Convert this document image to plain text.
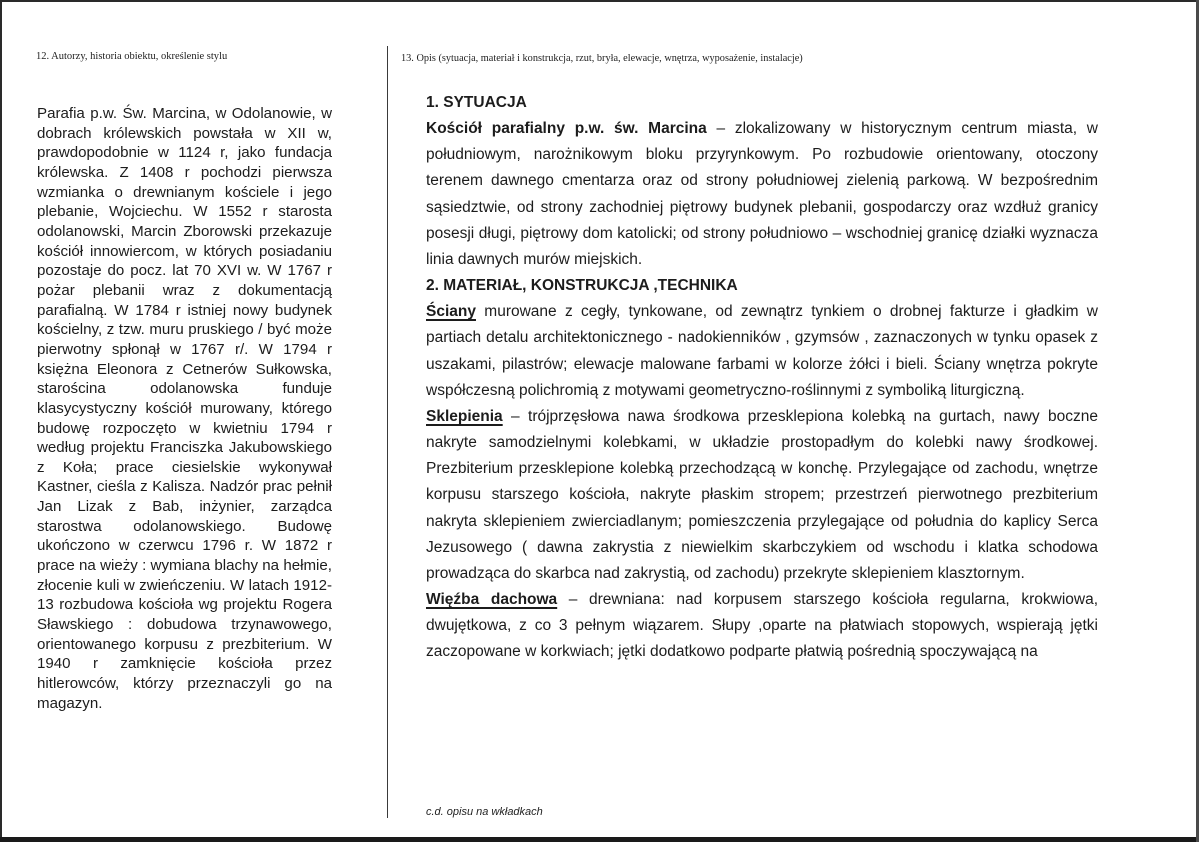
12. Autorzy, historia obiektu, określenie stylu	13. Opis (sytuacja, materiał i konstrukcja, rzut, bryła, elewacje, wnętrza, wyposażenie, instalacje)

Parafia p.w. Św. Marcina, w Odolanowie, w dobrach królewskich powstała w XII w, prawdopodobnie w 1124 r, jako fundacja królewska. Z 1408 r pochodzi pierwsza wzmianka o drewnianym kościele i jego plebanie, Wojciechu. W 1552 r starosta odolanowski, Marcin Zborowski przekazuje kościół innowiercom, w których posiadaniu pozostaje do pocz. lat 70 XVI w. W 1767 r pożar plebanii wraz z dokumentacją parafialną. W 1784 r istniej nowy budynek kościelny, z tzw. muru pruskiego / być może pierwotny spłonął w 1767 r/. W 1794 r księżna Eleonora z Cetnerów Sułkowska, starościna odolanowska funduje klasycystyczny kościół murowany, którego budowę rozpoczęto w kwietniu 1794 r według projektu Franciszka Jakubowskiego z Koła; prace ciesielskie wykonywał Kastner, cieśla z Kalisza. Nadzór prac pełnił Jan Lizak z Bab, inżynier, zarządca starostwa odolanowskiego. Budowę ukończono w czerwcu 1796 r. W 1872 r prace na wieży : wymiana blachy na hełmie, złocenie kuli w zwieńczeniu. W latach 1912-13 rozbudowa kościoła wg projektu Rogera Sławskiego : dobudowa trzynawowego, orientowanego korpusu z prezbiterium. W 1940 r zamknięcie kościoła przez hitlerowców, którzy przeznaczyli go na magazyn.

1. SYTUACJA

Kościół parafialny p.w. św. Marcina – zlokalizowany w historycznym centrum miasta, w południowym, narożnikowym bloku przyrynkowym. Po rozbudowie orientowany, otoczony terenem dawnego cmentarza oraz od strony południowej zielenią parkową. W bezpośrednim sąsiedztwie, od strony zachodniej piętrowy budynek plebanii, gospodarczy oraz wzdłuż granicy posesji długi, piętrowy dom katolicki; od strony południowo – wschodniej granicę działki wyznacza linia dawnych murów miejskich.

2. MATERIAŁ, KONSTRUKCJA ,TECHNIKA

Ściany murowane z cegły, tynkowane, od zewnątrz tynkiem o drobnej fakturze i gładkim w partiach detalu architektonicznego - nadokienników , gzymsów , zaznaczonych w tynku opasek z uszakami, pilastrów; elewacje malowane farbami w kolorze żółci i bieli. Ściany wnętrza pokryte współczesną polichromią z motywami geometryczno-roślinnymi z symboliką liturgiczną.

Sklepienia – trójprzęsłowa nawa środkowa przesklepiona kolebką na gurtach, nawy boczne nakryte samodzielnymi kolebkami, w układzie prostopadłym do kolebki nawy środkowej. Prezbiterium przesklepione kolebką przechodzącą w konchę. Przylegające od zachodu, wnętrze korpusu starszego kościoła, nakryte płaskim stropem; przestrzeń pierwotnego prezbiterium nakryta sklepieniem zwierciadlanym; pomieszczenia przylegające od południa do kaplicy Serca Jezusowego ( dawna zakrystia z niewielkim skarbczykiem od wschodu i klatka schodowa prowadząca do skarbca nad zakrystią, od zachodu) przekryte sklepieniem klasztornym.

Więźba dachowa – drewniana: nad korpusem starszego kościoła regularna, krokwiowa, dwujętkowa, z co 3 pełnym wiązarem. Słupy ,oparte na płatwiach stopowych, wspierają jętki zaczopowane w korkwiach; jętki dodatkowo podparte płatwią pośrednią spoczywającą na

c.d. opisu na wkładkach
